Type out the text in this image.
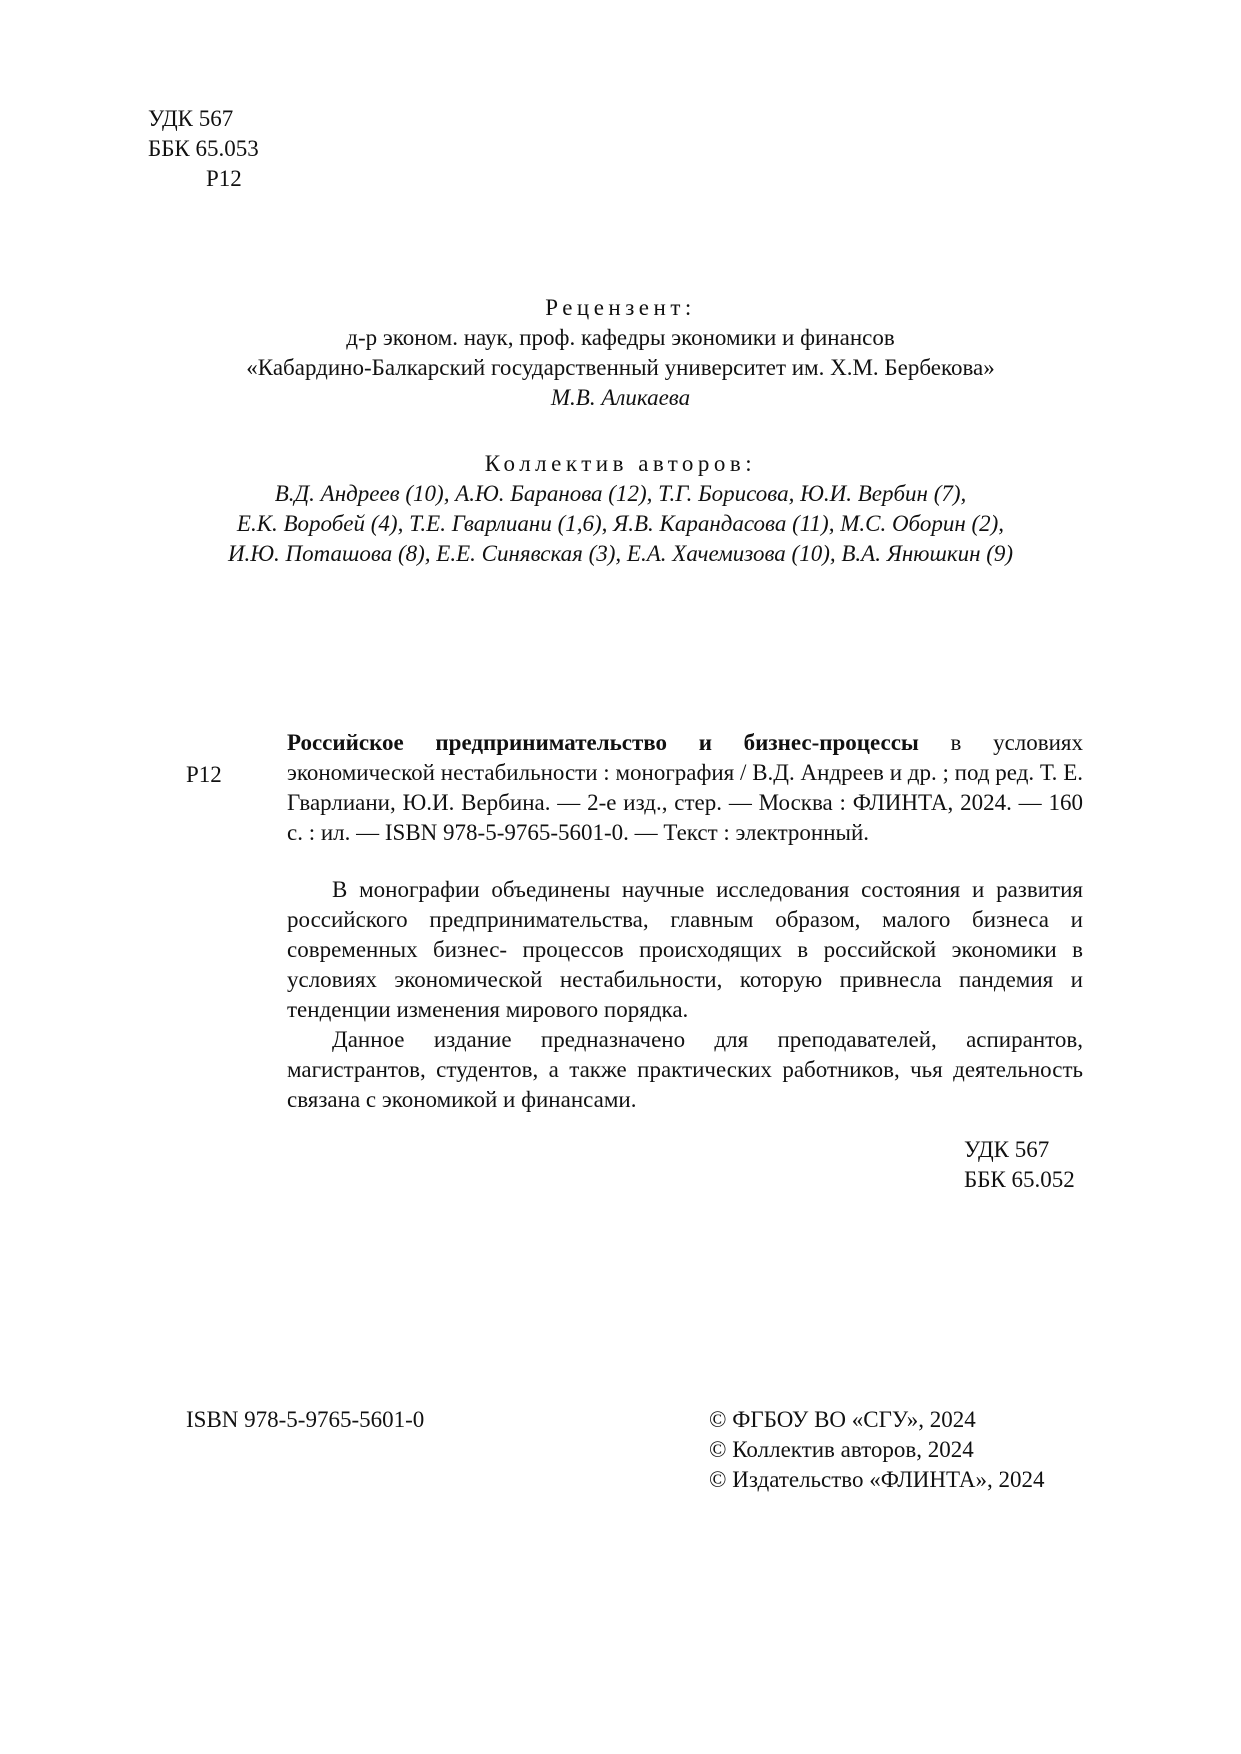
УДК 567
ББК 65.053
Р12
Рецензент:
д-р эконом. наук, проф. кафедры экономики и финансов
«Кабардино-Балкарский государственный университет им. Х.М. Бербекова»
М.В. Аликаева
Коллектив авторов:
В.Д. Андреев (10), А.Ю. Баранова (12), Т.Г. Борисова, Ю.И. Вербин (7),
Е.К. Воробей (4), Т.Е. Гварлиани (1,6), Я.В. Карандасова (11), М.С. Оборин (2),
И.Ю. Поташова (8), Е.Е. Синявская (3), Е.А. Хачемизова (10), В.А. Янюшкин (9)
Р12
Российское предпринимательство и бизнес-процессы в условиях экономической нестабильности : монография / В.Д. Андреев и др. ; под ред. Т. Е. Гварлиани, Ю.И. Вербина. — 2-е изд., стер. — Москва : ФЛИНТА, 2024. — 160 с. : ил. — ISBN 978-5-9765-5601-0. — Текст : электронный.

В монографии объединены научные исследования состояния и развития российского предпринимательства, главным образом, малого бизнеса и современных бизнес- процессов происходящих в российской экономики в условиях экономической нестабильности, которую привнесла пандемия и тенденции изменения мирового порядка.

Данное издание предназначено для преподавателей, аспирантов, магистрантов, студентов, а также практических работников, чья деятельность связана с экономикой и финансами.

УДК 567
ББК 65.052
ISBN 978-5-9765-5601-0	© ФГБОУ ВО «СГУ», 2024
© Коллектив авторов, 2024
© Издательство «ФЛИНТА», 2024
